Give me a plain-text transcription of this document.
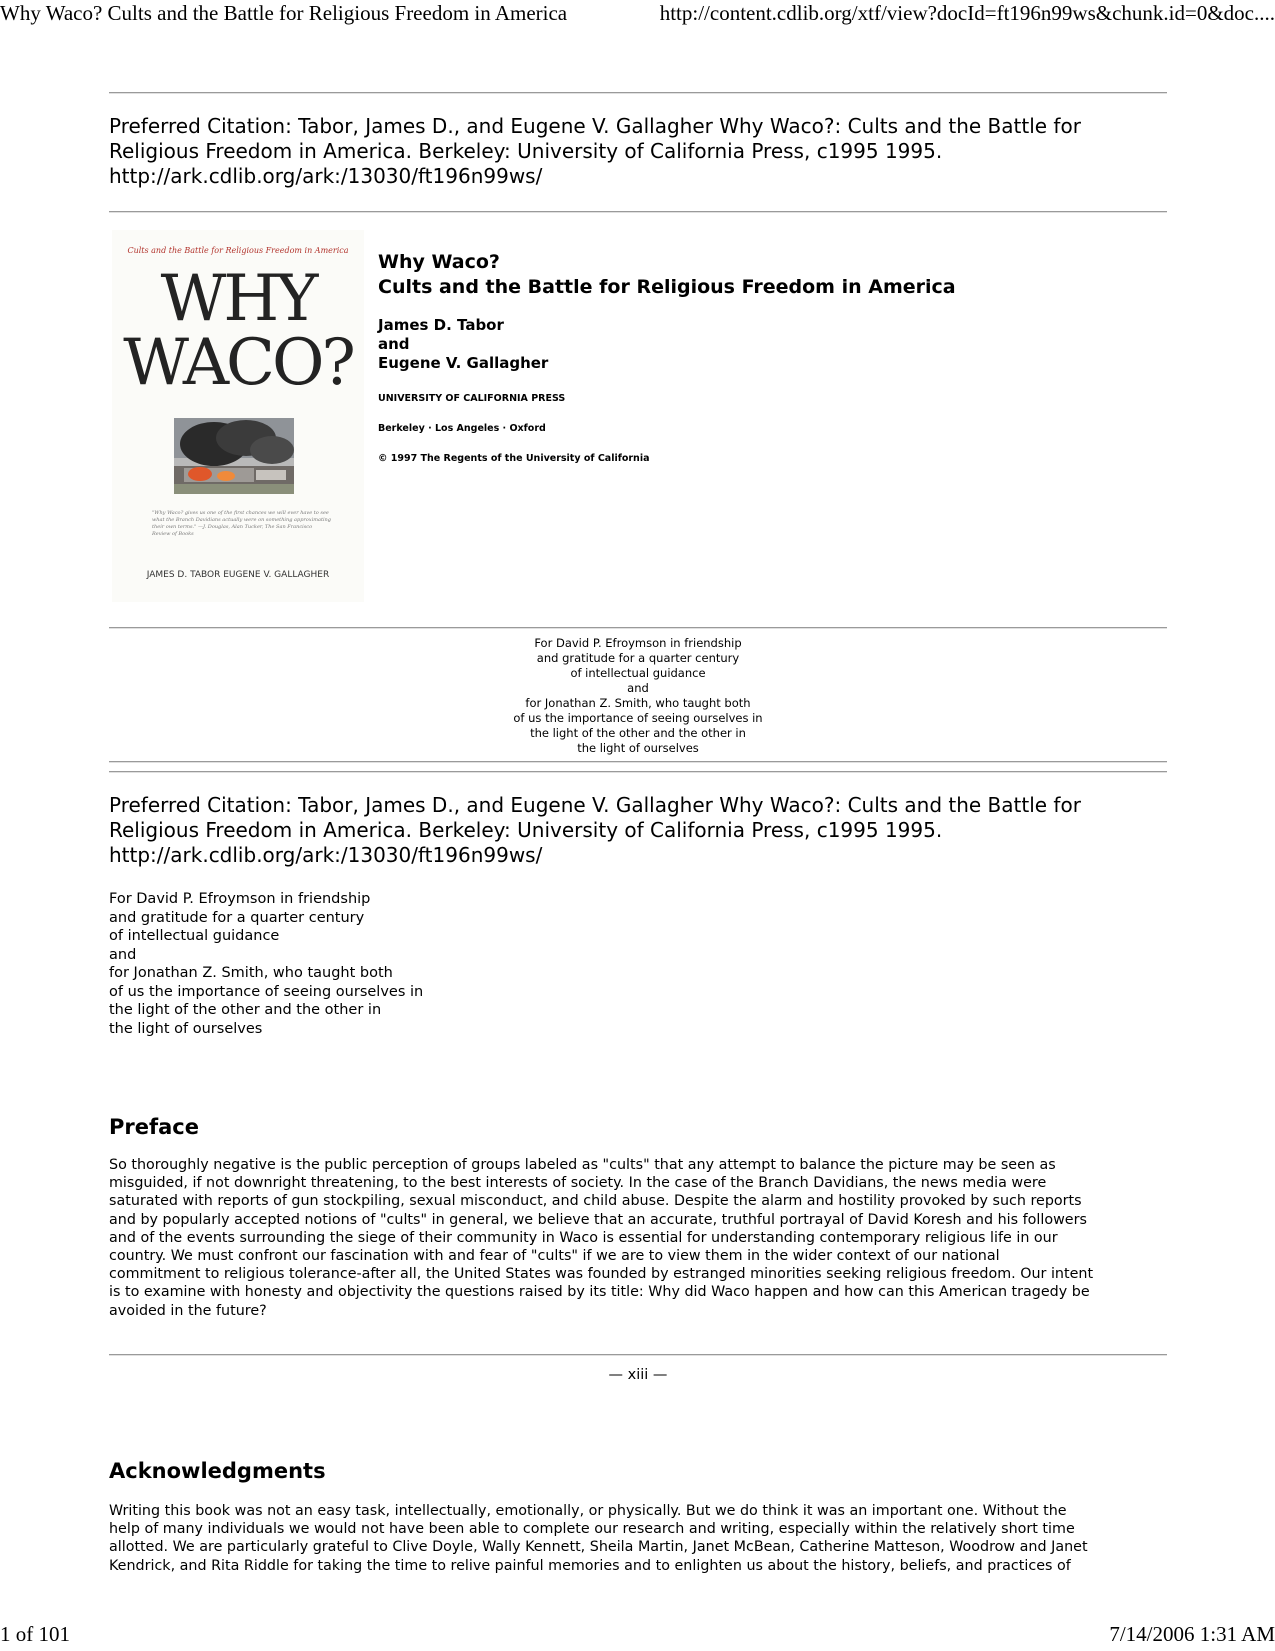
Why Waco? Cults and the Battle for Religious Freedom in America	http://content.cdlib.org/xtf/view?docId=ft196n99ws&chunk.id=0&doc....
Preferred Citation: Tabor, James D., and Eugene V. Gallagher Why Waco?: Cults and the Battle for
Religious Freedom in America. Berkeley: University of California Press, c1995 1995.
http://ark.cdlib.org/ark:/13030/ft196n99ws/
Cults and the Battle for Religious Freedom in America
WHY
WACO?
"Why Waco? gives us one of the first chances we will ever have to see what the Branch Davidians actually were on something approximating their own terms." —J. Douglas, Alan Tucker, The San Francisco Review of Books
JAMES D. TABOR EUGENE V. GALLAGHER
Why Waco?
Cults and the Battle for Religious Freedom in America
James D. Tabor
and
Eugene V. Gallagher
UNIVERSITY OF CALIFORNIA PRESS
Berkeley · Los Angeles · Oxford
© 1997 The Regents of the University of California
For David P. Efroymson in friendship
and gratitude for a quarter century
of intellectual guidance
and
for Jonathan Z. Smith, who taught both
of us the importance of seeing ourselves in
the light of the other and the other in
the light of ourselves
Preferred Citation: Tabor, James D., and Eugene V. Gallagher Why Waco?: Cults and the Battle for
Religious Freedom in America. Berkeley: University of California Press, c1995 1995.
http://ark.cdlib.org/ark:/13030/ft196n99ws/
For David P. Efroymson in friendship
and gratitude for a quarter century
of intellectual guidance
and
for Jonathan Z. Smith, who taught both
of us the importance of seeing ourselves in
the light of the other and the other in
the light of ourselves
Preface
So thoroughly negative is the public perception of groups labeled as "cults" that any attempt to balance the picture may be seen as
misguided, if not downright threatening, to the best interests of society. In the case of the Branch Davidians, the news media were
saturated with reports of gun stockpiling, sexual misconduct, and child abuse. Despite the alarm and hostility provoked by such reports
and by popularly accepted notions of "cults" in general, we believe that an accurate, truthful portrayal of David Koresh and his followers
and of the events surrounding the siege of their community in Waco is essential for understanding contemporary religious life in our
country. We must confront our fascination with and fear of "cults" if we are to view them in the wider context of our national
commitment to religious tolerance-after all, the United States was founded by estranged minorities seeking religious freedom. Our intent
is to examine with honesty and objectivity the questions raised by its title: Why did Waco happen and how can this American tragedy be
avoided in the future?
— xiii —
Acknowledgments
Writing this book was not an easy task, intellectually, emotionally, or physically. But we do think it was an important one. Without the
help of many individuals we would not have been able to complete our research and writing, especially within the relatively short time
allotted. We are particularly grateful to Clive Doyle, Wally Kennett, Sheila Martin, Janet McBean, Catherine Matteson, Woodrow and Janet
Kendrick, and Rita Riddle for taking the time to relive painful memories and to enlighten us about the history, beliefs, and practices of
1 of 101	7/14/2006 1:31 AM
